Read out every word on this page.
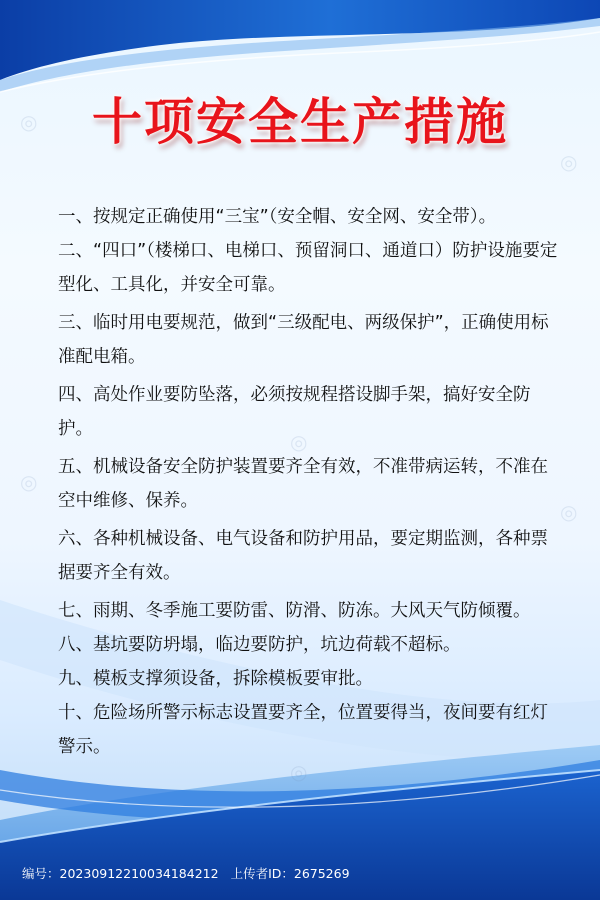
◎
◎
◎
◎
◎
◎
十项安全生产措施

一、按规定正确使用“三宝”（安全帽、安全网、安全带）。

二、“四口”（楼梯口、电梯口、预留洞口、通道口）防护设施要定型化、工具化，并安全可靠。

三、临时用电要规范，做到“三级配电、两级保护”，正确使用标准配电箱。

四、高处作业要防坠落，必须按规程搭设脚手架，搞好安全防护。

五、机械设备安全防护装置要齐全有效，不准带病运转，不准在空中维修、保养。

六、各种机械设备、电气设备和防护用品，要定期监测，各种票据要齐全有效。

七、雨期、冬季施工要防雷、防滑、防冻。大风天气防倾覆。

八、基坑要防坍塌，临边要防护，坑边荷载不超标。

九、模板支撑须设备，拆除模板要审批。

十、危险场所警示标志设置要齐全，位置要得当，夜间要有红灯警示。

编号：20230912210034184212 上传者ID：2675269
